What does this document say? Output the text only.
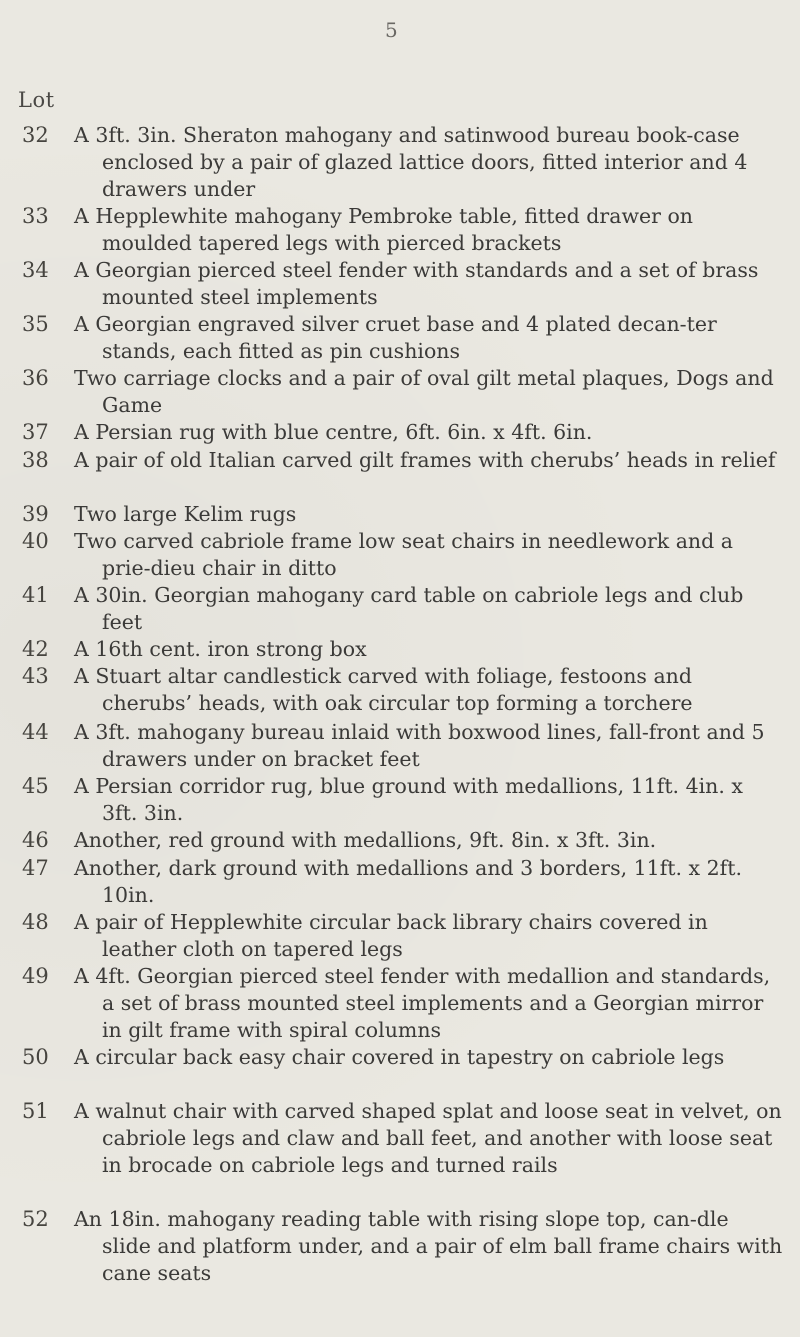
5
Lot
32	A 3ft. 3in. Sheraton mahogany and satinwood bureau book-case enclosed by a pair of glazed lattice doors, fitted interior and 4 drawers under
33	A Hepplewhite mahogany Pembroke table, fitted drawer on moulded tapered legs with pierced brackets
34	A Georgian pierced steel fender with standards and a set of brass mounted steel implements
35	A Georgian engraved silver cruet base and 4 plated decan-ter stands, each fitted as pin cushions
36	Two carriage clocks and a pair of oval gilt metal plaques, Dogs and Game
37	A Persian rug with blue centre, 6ft. 6in. x 4ft. 6in.
38	A pair of old Italian carved gilt frames with cherubs’ heads in relief
39	Two large Kelim rugs
40	Two carved cabriole frame low seat chairs in needlework and a prie-dieu chair in ditto
41	A 30in. Georgian mahogany card table on cabriole legs and club feet
42	A 16th cent. iron strong box
43	A Stuart altar candlestick carved with foliage, festoons and cherubs’ heads, with oak circular top forming a torchere
44	A 3ft. mahogany bureau inlaid with boxwood lines, fall-front and 5 drawers under on bracket feet
45	A Persian corridor rug, blue ground with medallions, 11ft. 4in. x 3ft. 3in.
46	Another, red ground with medallions, 9ft. 8in. x 3ft. 3in.
47	Another, dark ground with medallions and 3 borders, 11ft. x 2ft. 10in.
48	A pair of Hepplewhite circular back library chairs covered in leather cloth on tapered legs
49	A 4ft. Georgian pierced steel fender with medallion and standards, a set of brass mounted steel implements and a Georgian mirror in gilt frame with spiral columns
50	A circular back easy chair covered in tapestry on cabriole legs
51	A walnut chair with carved shaped splat and loose seat in velvet, on cabriole legs and claw and ball feet, and another with loose seat in brocade on cabriole legs and turned rails
52	An 18in. mahogany reading table with rising slope top, can-dle slide and platform under, and a pair of elm ball frame chairs with cane seats
